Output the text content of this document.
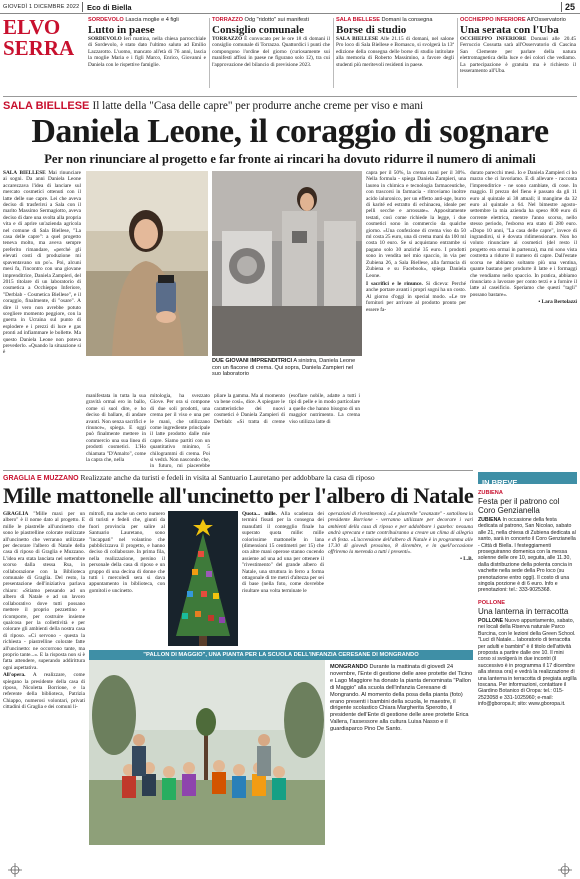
GIOVEDÌ 1 DICEMBRE 2022 Eco di Biella	25
ELVO
SERRA
SORDEVOLO Lascia moglie e 4 figli
Lutto in paese

SORDEVOLO Ieri mattina, nella chiesa parrocchiale di Sordevolo, è stato dato l'ultimo saluto ad Emilio Lazzarotto. L'uomo, mancato all'età di 76 anni, lascia la moglie Maria e i figli Marco, Enrico, Giovanni e Daniela con le rispettive famiglie.

TORRAZZO Odg "ridotto" sui manifesti
Consiglio comunale

TORRAZZO È convocato per le ore 18 di domani il consiglio comunale di Torrazzo. Quattordici i punti che compongono l'ordine del giorno (curiosamente sui manifesti affissi in paese ne figurano solo 12), tra cui l'approvazione del bilancio di previsione 2023.

SALA BIELLESE Domani la consegna
Borse di studio

SALA BIELLESE Alle 21.15 di domani, nel salone Pro loco di Sala Biellese e Bornasco, si svolgerà la 13ª edizione della consegna delle borse di studio intitolate alla memoria di Roberto Massimino, a favore degli studenti più meritevoli residenti in paese.

OCCHIEPPO INFERIORE All'Osservatorio
Una serata con l'Uba

OCCHIEPPO INFERIORE Domani alle 20.45 Ferruccio Cossutta sarà all'Osservatorio di Cascina San Clemente per parlare della natura elettromagnetica della luce e dei colori che vediamo. La partecipazione è gratuita ma è richiesto il tesseramento all'Uba.

SALA BIELLESE Il latte della "Casa delle capre" per produrre anche creme per viso e mani
Daniela Leone, il coraggio di sognare
Per non rinunciare al progetto e far fronte ai rincari ha dovuto ridurre il numero di animali

SALA BIELLESE Mai rinunciare ai sogni. Da anni Daniela Leone accarezzava l'idea di lanciare sul mercato cosmetici ottenuti con il latte delle sue capre. Lei che aveva deciso di trasferirsi a Sala con il marito Massimo Sermagiotto, aveva deciso di dare una svolta alla propria vita e di aprire un'azienda agricola nel comune di Sala Biellese, "La casa delle capre": a quel progetto teneva molto, ma aveva sempre preferito rimandare, «perché gli elevati costi di produzione mi spaventavano un po'». Poi, alcuni mesi fa, l'incontro con una giovane imprenditrice, Daniela Zampieri, del 2015 titolare di un laboratorio di cosmetica a Occhieppo Inferiore, "Derblab - Cosmetica Biellese", e il coraggio, finalmente, di "osare". A dire il vero non avrebbe potuto scegliere momento peggiore, con la guerra in Ucraina sul punto di esplodere e i prezzi di luce e gas pronti ad infiammare le bollette. Ma questo Daniela Leone non poteva prevederlo. «Quando la situazione si è

DUE GIOVANI IMPRENDITRICI A sinistra, Daniela Leone con un flacone di crema. Qui sopra, Daniela Zampieri nel suo laboratorio

manifestata in tutta la sua gravità ormai ero in ballo, come si suol dire, e ho deciso di ballare, di andare avanti. Non senza sacrifici e rinunce», spiega. E oggi può finalmente mettere in commercio una sua linea di prodotti cosmetici. L'Ho chiamata "D'Amalto", come la capra che, nella

mitologia, ha svezzato Giove. Per ora si compone di due soli prodotti, una crema per il viso e una per le mani, che utilizzano come ingrediente principale il latte prodotto dalle mie capre. Siamo partiti con un quantitativo minimo, 5 chilogrammi di crema. Poi si vedrà. Non nascondo che, in futuro, mi piacerebbe

pliare la gamma. Ma al momento va bene così», dice. A spiegare le caratteristiche dei nuovi cosmetici è Daniela Zampieri di Derblab: «Si tratta di creme (esoflare nobile, adatte a tutti i tipi di pelle e in modo particolare a quelle che hanno bisogno di un maggior nutrimento. La crema viso utilizza latte di

capra per il 50%, la crema mani per il 30%. Nella formula - spiega Daniela Zampieri, una laurea in chimica e tecnologia farmaceutiche, con trascorsi in farmacia - ritroviamo inoltre acido ialuronico, per un effetto anti-age, burro di karité ed estratto di echinacea, ideale per pelli secche e arrossate». Appositamente testati, così come richiede la legge, i due cosmetici sono in commercio da qualche giorno. «Una confezione di crema viso da 50 ml costa 25 euro, una di crema mani da 100 ml costa 10 euro. Se si acquistano entrambe si pagano solo 30 anziché 35 euro. I prodotti sono in vendita nel mio spaccio, in via per Zubiena 26, a Sala Biellese, alla farmacia di Zubiena e su Facebook», spiega Daniela Leone.

I sacrifici e le rinunce. Si diceva: Perché anche portare avanti i propri sogni ha un costo. Al giorno d'oggi in special modo. «Le tre fornitori per arrivare al prodotto pronto per essere fa-

durato parecchi mesi. Io e Daniela Zampieri ci ho marzo che ci lavoriamo. E di allevare - racconta l'imprenditrice - ne sono cambiate, di cose. In maggio. Il prezzo del fieno è passato da gli 11 euro al quintale ai 38 attuali; il mangime da 32 euro al quintale a 64. Nel bimestre agosto-settembre la mia azienda ha speso 800 euro di corrente elettrica, mentre l'anno scorso, nello stesso periodo, l'esborso era stato di 280 euro. «Dopo 10 anni, "La casa delle capre", invece di ingrandirsi, si è dovuta ridimensionare. Non ho voluto rinunciare ai cosmetici (del resto il progetto era ormai in partenza), ma mi sono vista costretta a ridurre il numero di capre. Dall'estate scorsa ne abbiamo soltanto più una ventina, quante bastano per produrre il latte e i formaggi che vendiamo nello spaccio. In pratica, abbiamo rinunciato a lavorare per conto terzi e a fornire il latte al caseificio. Speriamo che questi "tagli" possano bastare».

• Lara Bertolazzi

GRAGLIA E MUZZANO Realizzate anche da turisti e fedeli in visita al Santuario Lauretano per addobbare la casa di riposo
Mille mattonelle all'uncinetto per l'albero di Natale

GRAGLIA "Mille maxi per un albero" è il nome dato al progetto. E mille le piastrelle all'uncinetto che sono le piastrelline colorate realizzate all'uncinetto che verranno utilizzate per decorare l'albero di Natale della casa di riposo di Graglia e Muzzano. L'idea era stata lanciata nel settembre scorso dalla stessa Rsa, in collaborazione con la Biblioteca comunale di Graglia. Del resto, la presentazione dell'iniziativa parlava chiaro: «Stiamo pensando ad un albero di Natale e ad un lavoro collaborativo dove tutti possano mettere il proprio pezzettino e ricomporre, per costruire insieme qualcosa per la collettività e per colorare gli ambienti della nostra casa di riposo. «Ci servono - questa la richiesta - piastrelline colorate fatte all'uncinetto: ne occorrono tante, ma proprio tante...». E la risposta non si è fatta attendere, superando addirittura ogni aspettativa.

All'opera. A realizzare, come spiegano la presidente della casa di riposo, Nicoletta Borrione, e la referente della biblioteca, Patrizia Chiappo, numerosi volontari, privati cittadini di Graglia e dei comuni li-

mitrofi, ma anche un certo numero di turisti e fedeli che, giunti da fuori provincia per salire al Santuario Lauretano, sono "incappati" nel volantino che pubblicizzava il progetto, e hanno deciso di collaborare. In prima fila, nella realizzazione, persino il personale della casa di riposo e un gruppo di una decina di donne che tutti i mercoledì sera si dava appuntamento in biblioteca, con gomitoli e uncinetto.

Quota... mille. Alla scadenza dei termini fissati per la consegna dei manufatti il contegglio finale ha superato quota mille: mille colorissime mattonelle in lana (dimensioni 15 centimetri per 15) che ora altre mani operose stanno cucendo assieme ad una ad una per ottenere il "rivestimento" del grande albero di Natale, una struttura in ferro a forma ottagonale di tre metri d'altezza per sei di base (nella foto, come dovrebbe risultare una volta terminate le

operazioni di rivestimento). «Le piastrelle "avanzate" - sottolinea la presidente Borrione - verranno utilizzate per decorare i vari ambienti della casa di riposo e per addobbare i gazebo: nessuna andrà sprecata e tutte contribuiranno a creare un clima di allegria e di festa. «L'accensione dell'albero di Natale è in programma alle 17.30 di giovedì prossimo, 8 dicembre, e in quell'occasione offriremo la merenda a tutti i presenti».

• L.B.

"PALLON DI MAGGIO", UNA PIANTA PER LA SCUOLA DELL'INFANZIA CERESANE DI MONGRANDO

MONGRANDO Durante la mattinata di giovedì 24 novembre, l'Ente di gestione delle aree protette del Ticino e Lago Maggiore ha donato la pianta denominata "Pallon di Maggio" alla scuola dell'infanzia Ceresane di Mongrando. Al momento della posa della pianta (foto) erano presenti i bambini della scuola, le maestre, il dirigente scolastico Chiara Margherita Sperotto, il presidente dell'Ente di gestione delle aree protette Erica Vallera, l'assessore alla cultura Luisa Nasso e il guardiaparco Pino De Santo.

IN BREVE
ZUBIENA
Festa per il patrono col Coro Genzianella

ZUBIENA In occasione della festa dedicata al patrono, San Nicolao, sabato alle 21, nella chiesa di Zubiena dedicata al santo, sarà in concerto il Coro Genzianella - Città di Biella. I festeggiamenti proseguiranno domenica con la messa solenne delle ore 10, seguita, alle 11.30, dalla distribuzione della polenta concia in vachette nella sede della Pro loco (su prenotazione entro oggi). Il costo di una singola porzione è di 6 euro. Info e prenotazioni: tel.: 333-9025368.

POLLONE
Una lanterna in terracotta

POLLONE Nuovo appuntamento, sabato, nei locali della Riserva naturale Parco Burcina, con le lezioni della Green School. "Luci di Natale... laboratorio di terracotta per adulti e bambini" è il titolo dell'attività proposta a partire dalle ore 10. Il mini corso si svolgerà in due incontri (il successivo è in programma il 17 dicembre alla stessa ora) e vedrà la realizzazione di una lanterna in terracotta di pregiata argilla toscana. Per informazioni, contattare il Giardino Botanico di Oropa: tel.: 015-2523058 e 331-1025960; e-mail: info@gboropa.it; sito: www.gboropa.it.
